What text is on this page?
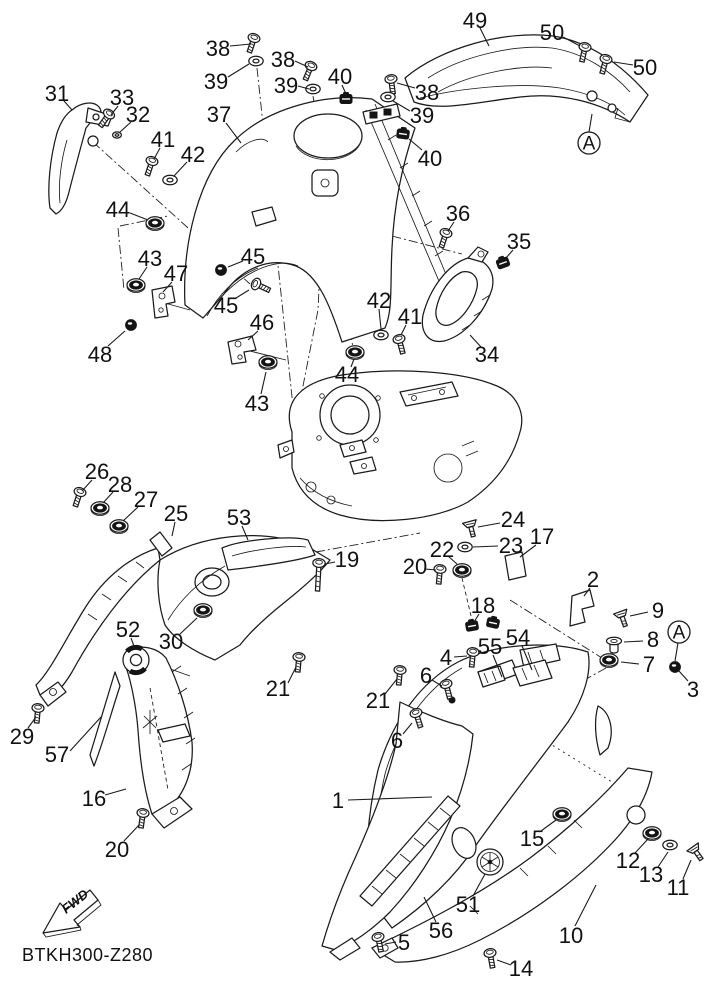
38
39
38
39 40
31 33
32	37
41
42
49 50
50
38
39
40
44
43
47
45
45
48
46
43
44
36
35
42
41
34
26
28
27
25 53
19
24
23
22
17
20
2
52 30
18	9
8
7
3
54
55
4
6
21	21
6
29
57
16
20
1
15
12
13
11
51
56
5
14
10
A
A
FWD
BTKH300-Z280
